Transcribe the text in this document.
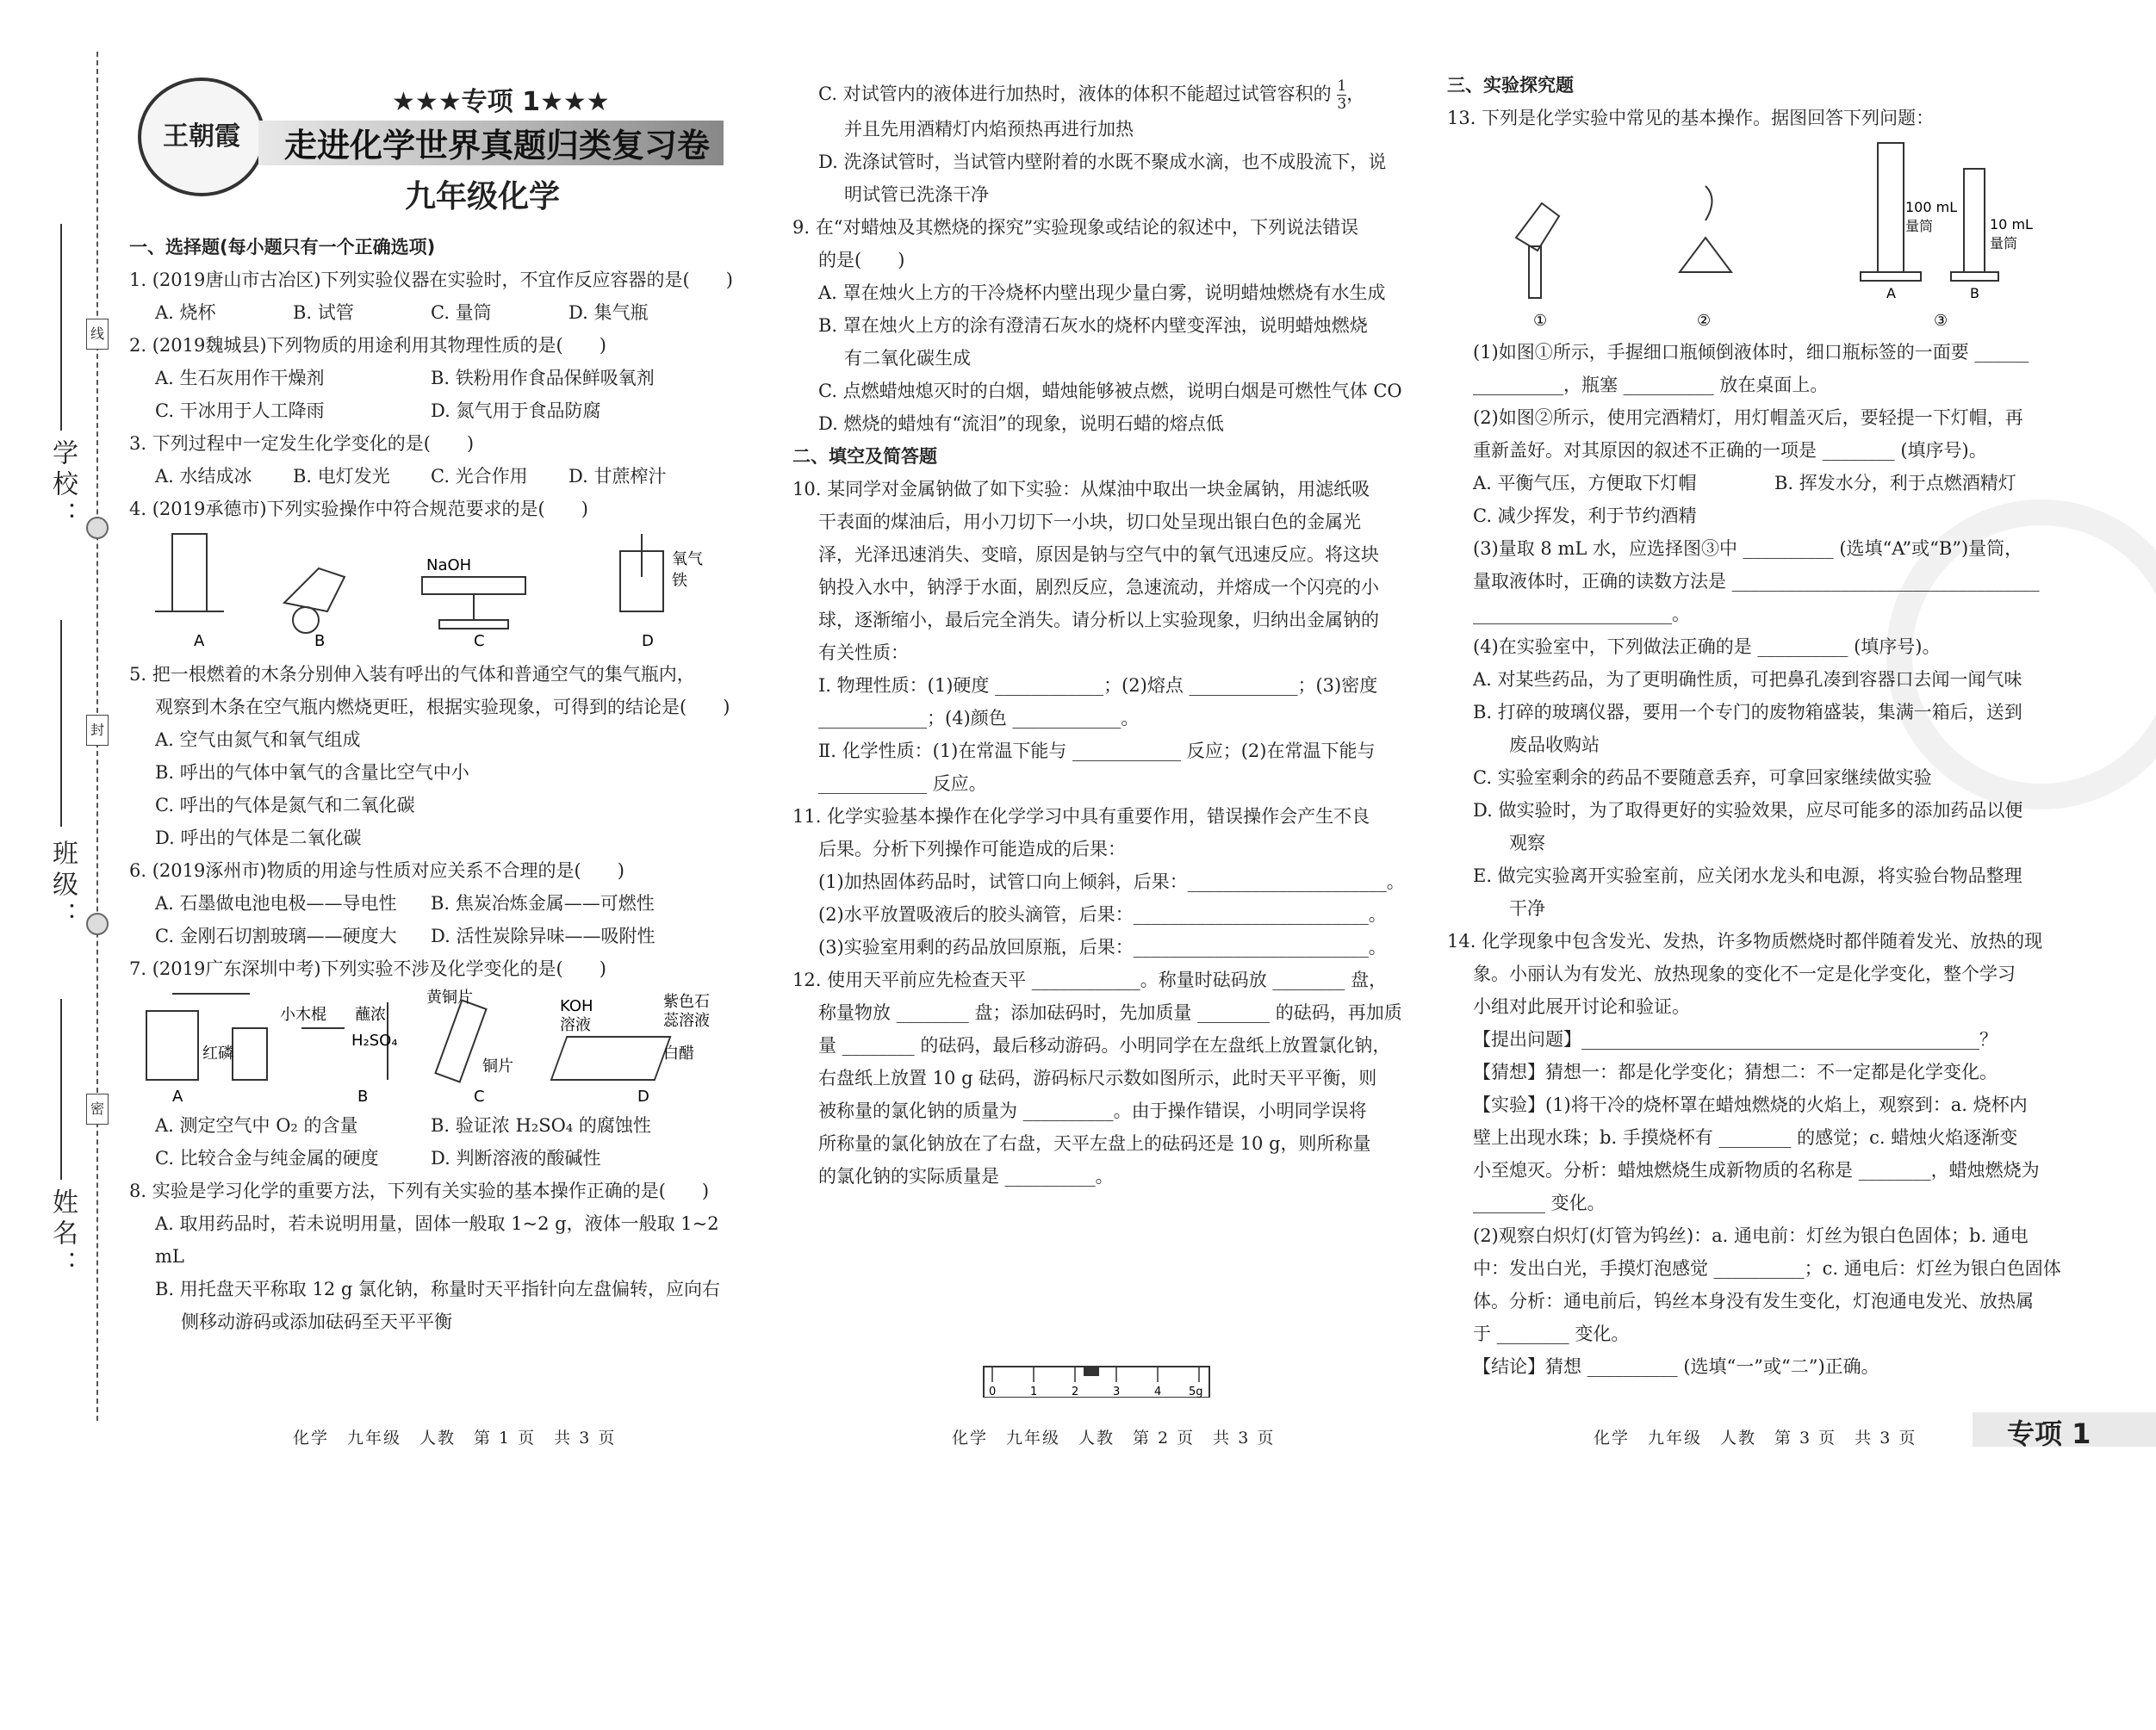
线
封
密
学校：
班级：
姓名：
王朝霞
★★★专项 1★★★
走进化学世界真题归类复习卷
九年级化学
一、选择题(每小题只有一个正确选项)
1. (2019唐山市古冶区)下列实验仪器在实验时，不宜作反应容器的是(　　)
A. 烧杯	B. 试管	C. 量筒	D. 集气瓶
2. (2019魏城县)下列物质的用途利用其物理性质的是(　　)
A. 生石灰用作干燥剂	B. 铁粉用作食品保鲜吸氧剂
C. 干冰用于人工降雨	D. 氮气用于食品防腐
3. 下列过程中一定发生化学变化的是(　　)
A. 水结成冰	B. 电灯发光	C. 光合作用	D. 甘蔗榨汁
4. (2019承德市)下列实验操作中符合规范要求的是(　　)
NaOH	氧气
铁
A	B	C	D
5. 把一根燃着的木条分别伸入装有呼出的气体和普通空气的集气瓶内，
观察到木条在空气瓶内燃烧更旺，根据实验现象，可得到的结论是(　　)
A. 空气由氮气和氧气组成
B. 呼出的气体中氧气的含量比空气中小
C. 呼出的气体是氮气和二氧化碳
D. 呼出的气体是二氧化碳
6. (2019涿州市)物质的用途与性质对应关系不合理的是(　　)
A. 石墨做电池电极——导电性	B. 焦炭冶炼金属——可燃性
C. 金刚石切割玻璃——硬度大	D. 活性炭除异味——吸附性
7. (2019广东深圳中考)下列实验不涉及化学变化的是(　　)
红磷
小木棍 蘸浓
H₂SO₄
黄铜片
铜片
KOH
溶液
紫色石
蕊溶液
白醋
A	B	C	D
A. 测定空气中 O₂ 的含量	B. 验证浓 H₂SO₄ 的腐蚀性
C. 比较合金与纯金属的硬度	D. 判断溶液的酸碱性
8. 实验是学习化学的重要方法，下列有关实验的基本操作正确的是(　　)
A. 取用药品时，若未说明用量，固体一般取 1~2 g，液体一般取 1~2 mL
B. 用托盘天平称取 12 g 氯化钠，称量时天平指针向左盘偏转，应向右
侧移动游码或添加砝码至天平平衡
化学　九年级　人教　第 1 页　共 3 页
C. 对试管内的液体进行加热时，液体的体积不能超过试管容积的 $\frac{1}{3}$ ，
并且先用酒精灯内焰预热再进行加热
D. 洗涤试管时，当试管内壁附着的水既不聚成水滴，也不成股流下，说
明试管已洗涤干净
9. 在“对蜡烛及其燃烧的探究”实验现象或结论的叙述中，下列说法错误
的是(　　)
A. 罩在烛火上方的干冷烧杯内壁出现少量白雾，说明蜡烛燃烧有水生成
B. 罩在烛火上方的涂有澄清石灰水的烧杯内壁变浑浊，说明蜡烛燃烧
有二氧化碳生成
C. 点燃蜡烛熄灭时的白烟，蜡烛能够被点燃，说明白烟是可燃性气体 CO
D. 燃烧的蜡烛有“流泪”的现象，说明石蜡的熔点低
二、填空及简答题
10. 某同学对金属钠做了如下实验：从煤油中取出一块金属钠，用滤纸吸
干表面的煤油后，用小刀切下一小块，切口处呈现出银白色的金属光
泽，光泽迅速消失、变暗，原因是钠与空气中的氧气迅速反应。将这块
钠投入水中，钠浮于水面，剧烈反应，急速流动，并熔成一个闪亮的小
球，逐渐缩小，最后完全消失。请分析以上实验现象，归纳出金属钠的
有关性质：
Ⅰ. 物理性质：(1)硬度 ____________；(2)熔点 ____________；(3)密度
____________；(4)颜色 ____________。
Ⅱ. 化学性质：(1)在常温下能与 ____________ 反应；(2)在常温下能与
____________ 反应。
11. 化学实验基本操作在化学学习中具有重要作用，错误操作会产生不良
后果。分析下列操作可能造成的后果：
(1)加热固体药品时，试管口向上倾斜，后果：______________________。
(2)水平放置吸液后的胶头滴管，后果：__________________________。
(3)实验室用剩的药品放回原瓶，后果：__________________________。
12. 使用天平前应先检查天平 ____________。称量时砝码放 ________ 盘，
称量物放 ________ 盘；添加砝码时，先加质量 ________ 的砝码，再加质
量 ________ 的砝码，最后移动游码。小明同学在左盘纸上放置氯化钠，
右盘纸上放置 10 g 砝码，游码标尺示数如图所示，此时天平平衡，则
被称量的氯化钠的质量为 __________。由于操作错误，小明同学误将
所称量的氯化钠放在了右盘，天平左盘上的砝码还是 10 g，则所称量
的氯化钠的实际质量是 __________。
0	1	2	3	4 5g
化学　九年级　人教　第 2 页　共 3 页
三、实验探究题
13. 下列是化学实验中常见的基本操作。据图回答下列问题：
100 mL
量筒	10 mL
量筒
A	B
①	②	③
(1)如图①所示，手握细口瓶倾倒液体时，细口瓶标签的一面要 ______
__________，瓶塞 __________ 放在桌面上。
(2)如图②所示，使用完酒精灯，用灯帽盖灭后，要轻提一下灯帽，再
重新盖好。对其原因的叙述不正确的一项是 ________ (填序号)。
A. 平衡气压，方便取下灯帽	B. 挥发水分，利于点燃酒精灯
C. 减少挥发，利于节约酒精
(3)量取 8 mL 水，应选择图③中 __________ (选填“A”或“B”)量筒，
量取液体时，正确的读数方法是 __________________________________
______________________。
(4)在实验室中，下列做法正确的是 __________ (填序号)。
A. 对某些药品，为了更明确性质，可把鼻孔凑到容器口去闻一闻气味
B. 打碎的玻璃仪器，要用一个专门的废物箱盛装，集满一箱后，送到
　　废品收购站
C. 实验室剩余的药品不要随意丢弃，可拿回家继续做实验
D. 做实验时，为了取得更好的实验效果，应尽可能多的添加药品以便
　　观察
E. 做完实验离开实验室前，应关闭水龙头和电源，将实验台物品整理
　　干净
14. 化学现象中包含发光、发热，许多物质燃烧时都伴随着发光、放热的现
象。小丽认为有发光、放热现象的变化不一定是化学变化，整个学习
小组对此展开讨论和验证。
【提出问题】____________________________________________？
【猜想】猜想一：都是化学变化；猜想二：不一定都是化学变化。
【实验】(1)将干冷的烧杯罩在蜡烛燃烧的火焰上，观察到：a. 烧杯内
壁上出现水珠；b. 手摸烧杯有 ________ 的感觉；c. 蜡烛火焰逐渐变
小至熄灭。分析：蜡烛燃烧生成新物质的名称是 ________，蜡烛燃烧为
________ 变化。
(2)观察白炽灯(灯管为钨丝)：a. 通电前：灯丝为银白色固体；b. 通电
中：发出白光，手摸灯泡感觉 __________；c. 通电后：灯丝为银白色固体
体。分析：通电前后，钨丝本身没有发生变化，灯泡通电发光、放热属
于 ________ 变化。
【结论】猜想 __________ (选填“一”或“二”)正确。
化学　九年级　人教　第 3 页　共 3 页	专项 1
